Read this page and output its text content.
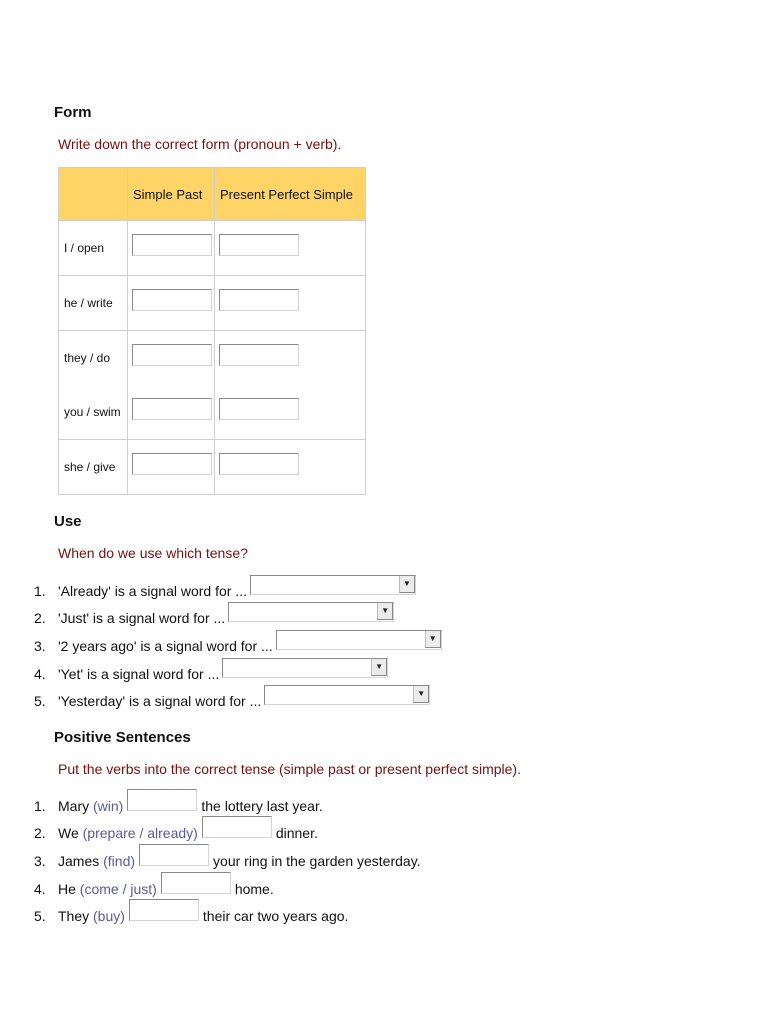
Form

Write down the correct form (pronoun + verb).

	Simple Past	Present Perfect Simple
I / open	

he / write	

they / do	

you / swim	

she / give	

Use

When do we use which tense?

1. 'Already' is a signal word for ...	▼
2. 'Just' is a signal word for ...	▼
3. '2 years ago' is a signal word for ...	▼
4. 'Yet' is a signal word for ...	▼
5. 'Yesterday' is a signal word for ...	▼
Positive Sentences

Put the verbs into the correct tense (simple past or present perfect simple).

1. Mary
(win)	the lottery last year.
2. We
(prepare / already)	dinner.
3. James
(find)	your ring in the garden yesterday.
4. He
(come / just)	home.
5. They
(buy)	their car two years ago.
